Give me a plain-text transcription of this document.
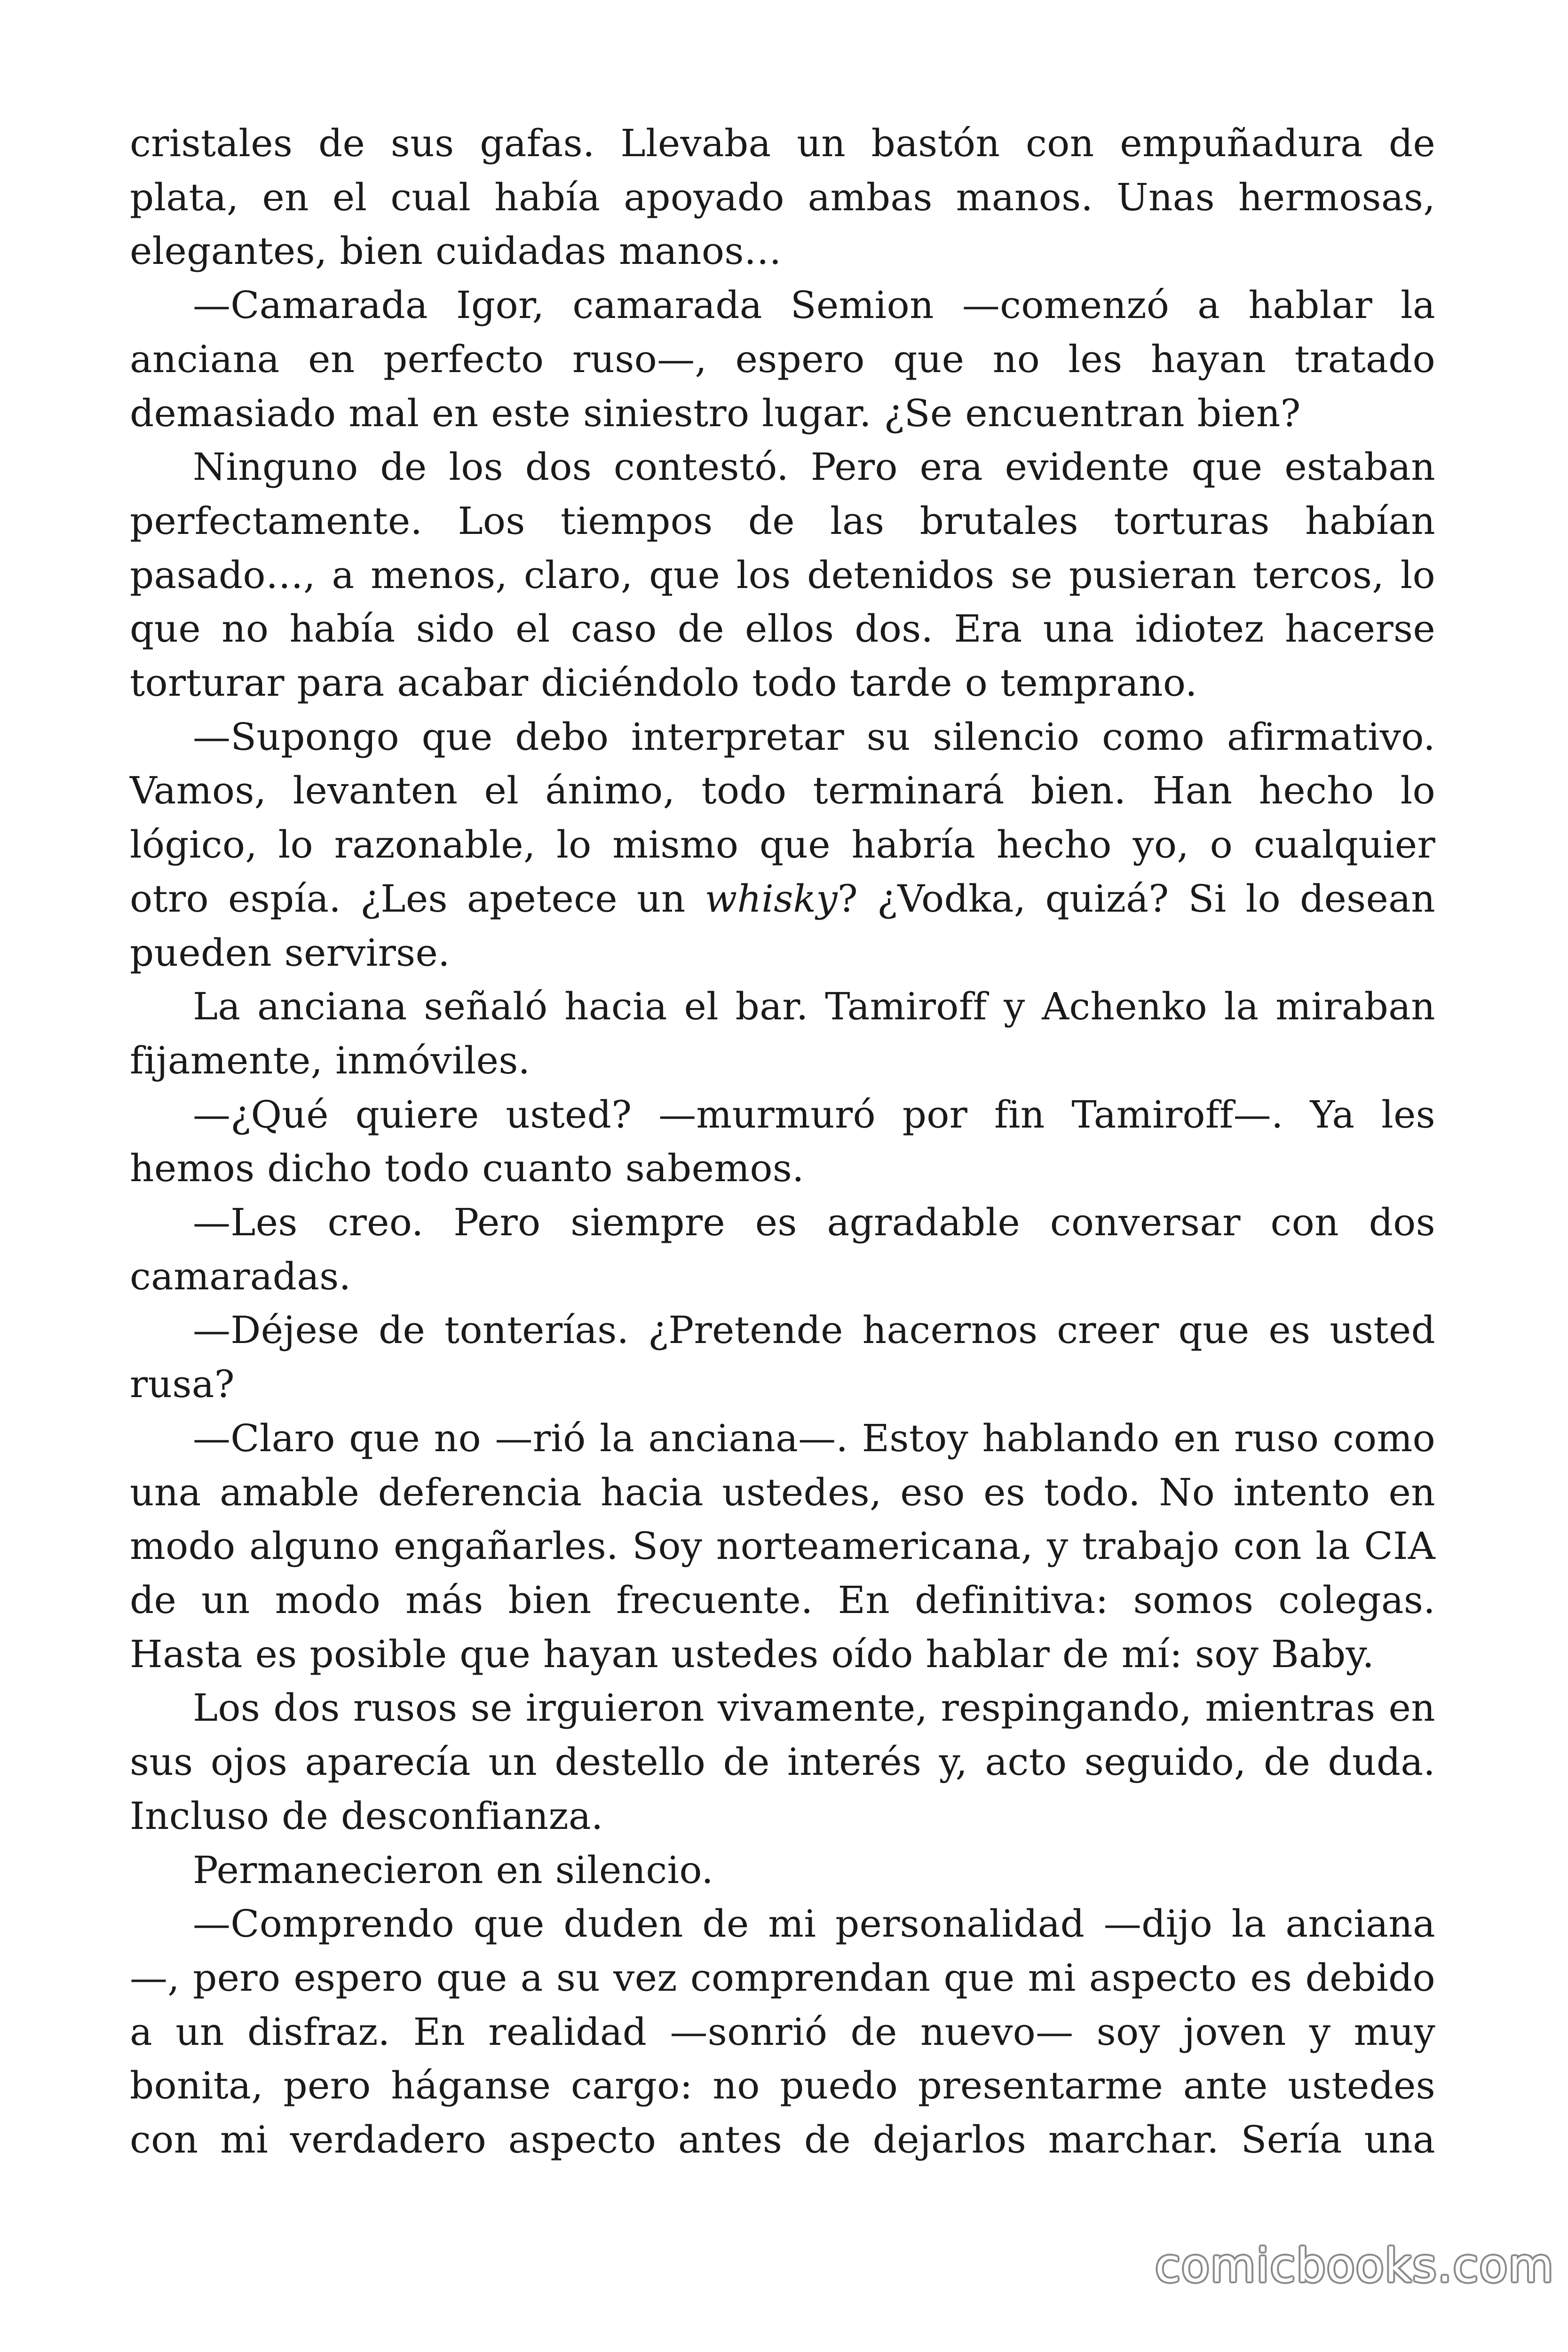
cristales de sus gafas. Llevaba un bastón con empuñadura de plata, en el cual había apoyado ambas manos. Unas hermosas, elegantes, bien cuidadas manos…

—Camarada Igor, camarada Semion —comenzó a hablar la anciana en perfecto ruso—, espero que no les hayan tratado demasiado mal en este siniestro lugar. ¿Se encuentran bien?

Ninguno de los dos contestó. Pero era evidente que estaban perfectamente. Los tiempos de las brutales torturas habían pasado…, a menos, claro, que los detenidos se pusieran tercos, lo que no había sido el caso de ellos dos. Era una idiotez hacerse torturar para acabar diciéndolo todo tarde o temprano.

—Supongo que debo interpretar su silencio como afirmativo. Vamos, levanten el ánimo, todo terminará bien. Han hecho lo lógico, lo razonable, lo mismo que habría hecho yo, o cualquier otro espía. ¿Les apetece un whisky? ¿Vodka, quizá? Si lo desean pueden servirse.

La anciana señaló hacia el bar. Tamiroff y Achenko la miraban fijamente, inmóviles.

—¿Qué quiere usted? —murmuró por fin Tamiroff—. Ya les hemos dicho todo cuanto sabemos.

—Les creo. Pero siempre es agradable conversar con dos camaradas.

—Déjese de tonterías. ¿Pretende hacernos creer que es usted rusa?

—Claro que no —rió la anciana—. Estoy hablando en ruso como una amable deferencia hacia ustedes, eso es todo. No intento en modo alguno engañarles. Soy norteamericana, y trabajo con la CIA de un modo más bien frecuente. En definitiva: somos colegas. Hasta es posible que hayan ustedes oído hablar de mí: soy Baby.

Los dos rusos se irguieron vivamente, respingando, mientras en sus ojos aparecía un destello de interés y, acto seguido, de duda. Incluso de desconfianza.

Permanecieron en silencio.

—Comprendo que duden de mi personalidad —dijo la anciana —, pero espero que a su vez comprendan que mi aspecto es debido a un disfraz. En realidad —sonrió de nuevo— soy joven y muy bonita, pero háganse cargo: no puedo presentarme ante ustedes con mi verdadero aspecto antes de dejarlos marchar. Sería una

comicbooks.com
